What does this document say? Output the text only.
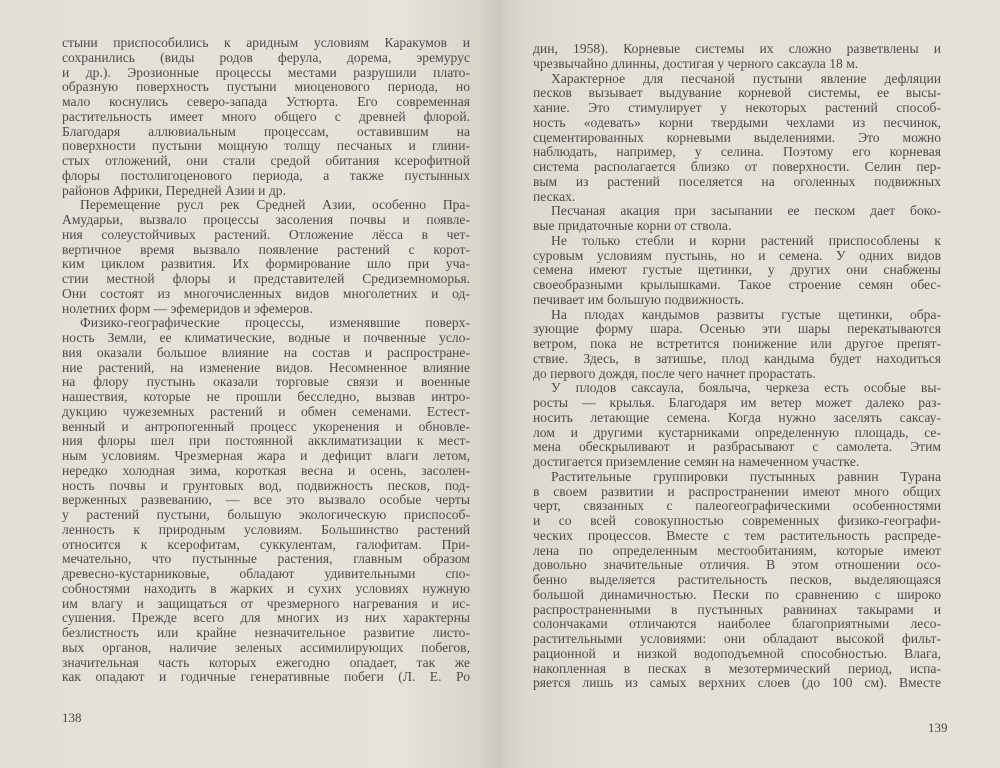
стыни приспособились к аридным условиям Каракумов и
сохранились (виды родов ферула, дорема, эремурус
и др.). Эрозионные процессы местами разрушили плато-
образную поверхность пустыни миоценового периода, но
мало коснулись северо-запада Устюрта. Его современная
растительность имеет много общего с древней флорой.
Благодаря аллювиальным процессам, оставившим на
поверхности пустыни мощную толщу песчаных и глини-
стых отложений, они стали средой обитания ксерофитной
флоры постолигоценового периода, а также пустынных
районов Африки, Передней Азии и др.
Перемещение русл рек Средней Азии, особенно Пра-
Амударьи, вызвало процессы засоления почвы и появле-
ния солеустойчивых растений. Отложение лёсса в чет-
вертичное время вызвало появление растений с корот-
ким циклом развития. Их формирование шло при уча-
стии местной флоры и представителей Средиземноморья.
Они состоят из многочисленных видов многолетних и од-
нолетних форм — эфемеридов и эфемеров.
Физико-географические процессы, изменявшие поверх-
ность Земли, ее климатические, водные и почвенные усло-
вия оказали большое влияние на состав и распростране-
ние растений, на изменение видов. Несомненное влияние
на флору пустынь оказали торговые связи и военные
нашествия, которые не прошли бесследно, вызвав интро-
дукцию чужеземных растений и обмен семенами. Естест-
венный и антропогенный процесс укоренения и обновле-
ния флоры шел при постоянной акклиматизации к мест-
ным условиям. Чрезмерная жара и дефицит влаги летом,
нередко холодная зима, короткая весна и осень, засолен-
ность почвы и грунтовых вод, подвижность песков, под-
верженных развеванию, — все это вызвало особые черты
у растений пустыни, большую экологическую приспособ-
ленность к природным условиям. Большинство растений
относится к ксерофитам, суккулентам, галофитам. При-
мечательно, что пустынные растения, главным образом
древесно-кустарниковые, обладают удивительными спо-
собностями находить в жарких и сухих условиях нужную
им влагу и защищаться от чрезмерного нагревания и ис-
сушения. Прежде всего для многих из них характерны
безлистность или крайне незначительное развитие листо-
вых органов, наличие зеленых ассимилирующих побегов,
значительная часть которых ежегодно опадает, так же
как опадают и годичные генеративные побеги (Л. Е. Ро
138
дин, 1958). Корневые системы их сложно разветвлены и
чрезвычайно длинны, достигая у черного саксаула 18 м.
Характерное для песчаной пустыни явление дефляции
песков вызывает выдувание корневой системы, ее высы-
хание. Это стимулирует у некоторых растений способ-
ность «одевать» корни твердыми чехлами из песчинок,
сцементированных корневыми выделениями. Это можно
наблюдать, например, у селина. Поэтому его корневая
система располагается близко от поверхности. Селин пер-
вым из растений поселяется на оголенных подвижных
песках.
Песчаная акация при засыпании ее песком дает боко-
вые придаточные корни от ствола.
Не только стебли и корни растений приспособлены к
суровым условиям пустынь, но и семена. У одних видов
семена имеют густые щетинки, у других они снабжены
своеобразными крылышками. Такое строение семян обес-
печивает им большую подвижность.
На плодах кандымов развиты густые щетинки, обра-
зующие форму шара. Осенью эти шары перекатываются
ветром, пока не встретится понижение или другое препят-
ствие. Здесь, в затишье, плод кандыма будет находиться
до первого дождя, после чего начнет прорастать.
У плодов саксаула, боялыча, черкеза есть особые вы-
росты — крылья. Благодаря им ветер может далеко раз-
носить летающие семена. Когда нужно заселять саксау-
лом и другими кустарниками определенную площадь, се-
мена обескрыливают и разбрасывают с самолета. Этим
достигается приземление семян на намеченном участке.
Растительные группировки пустынных равнин Турана
в своем развитии и распространении имеют много общих
черт, связанных с палеогеографическими особенностями
и со всей совокупностью современных физико-географи-
ческих процессов. Вместе с тем растительность распреде-
лена по определенным местообитаниям, которые имеют
довольно значительные отличия. В этом отношении осо-
бенно выделяется растительность песков, выделяющаяся
большой динамичностью. Пески по сравнению с широко
распространенными в пустынных равнинах такырами и
солончаками отличаются наиболее благоприятными лесо-
растительными условиями: они обладают высокой фильт-
рационной и низкой водоподъемной способностью. Влага,
накопленная в песках в мезотермический период, испа-
ряется лишь из самых верхних слоев (до 100 см). Вместе
139
